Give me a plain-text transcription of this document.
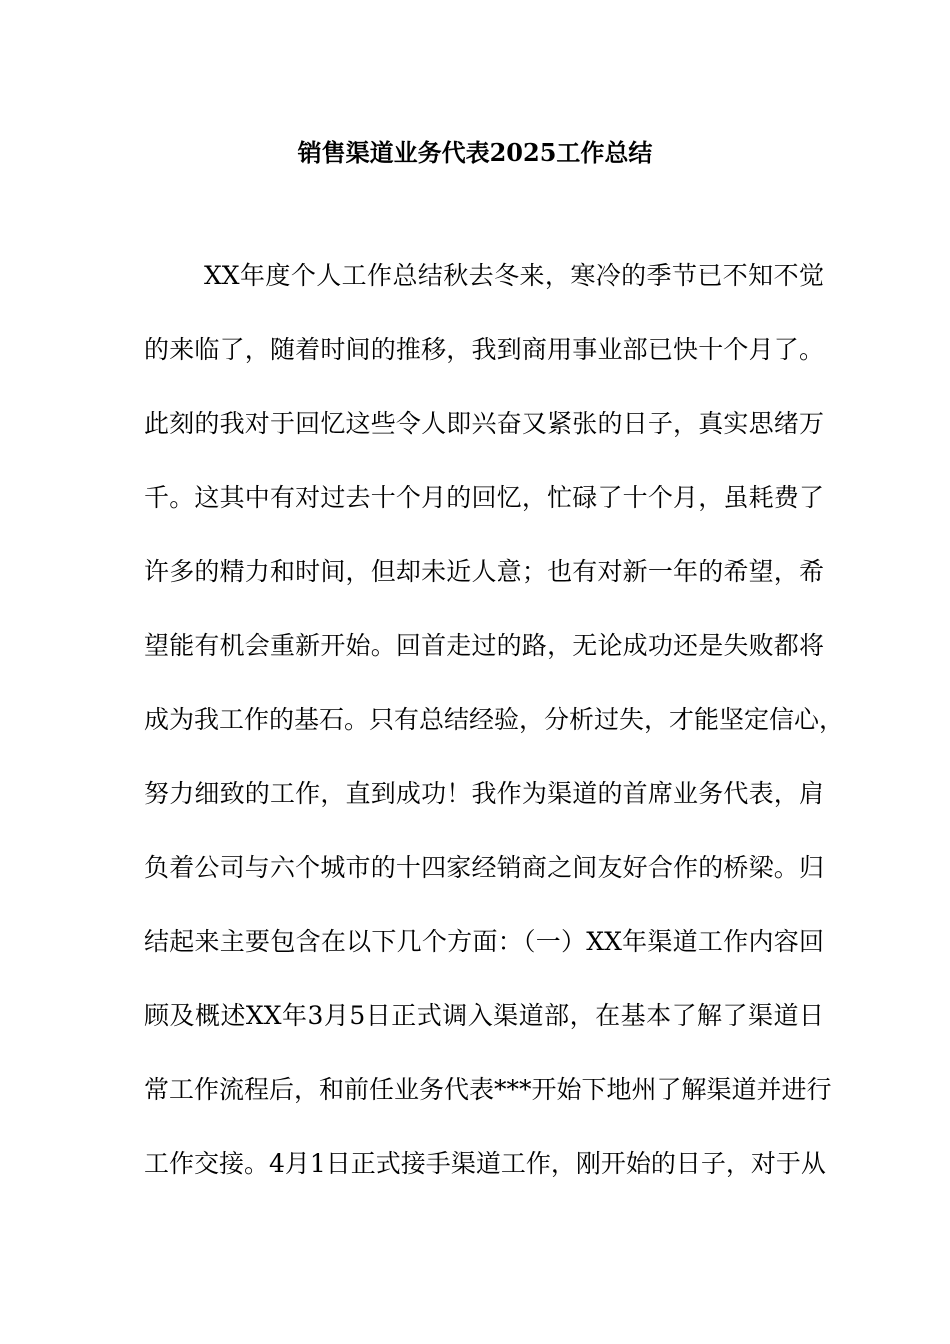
销售渠道业务代表2025工作总结
XX年度个人工作总结秋去冬来，寒冷的季节已不知不觉
的来临了，随着时间的推移，我到商用事业部已快十个月了。
此刻的我对于回忆这些令人即兴奋又紧张的日子，真实思绪万
千。这其中有对过去十个月的回忆，忙碌了十个月，虽耗费了
许多的精力和时间，但却未近人意；也有对新一年的希望，希
望能有机会重新开始。回首走过的路，无论成功还是失败都将
成为我工作的基石。只有总结经验，分析过失，才能坚定信心，
努力细致的工作，直到成功！我作为渠道的首席业务代表，肩
负着公司与六个城市的十四家经销商之间友好合作的桥梁。归
结起来主要包含在以下几个方面：（一）XX年渠道工作内容回
顾及概述XX年3月5日正式调入渠道部，在基本了解了渠道日
常工作流程后，和前任业务代表***开始下地州了解渠道并进行
工作交接。4月1日正式接手渠道工作，刚开始的日子，对于从
